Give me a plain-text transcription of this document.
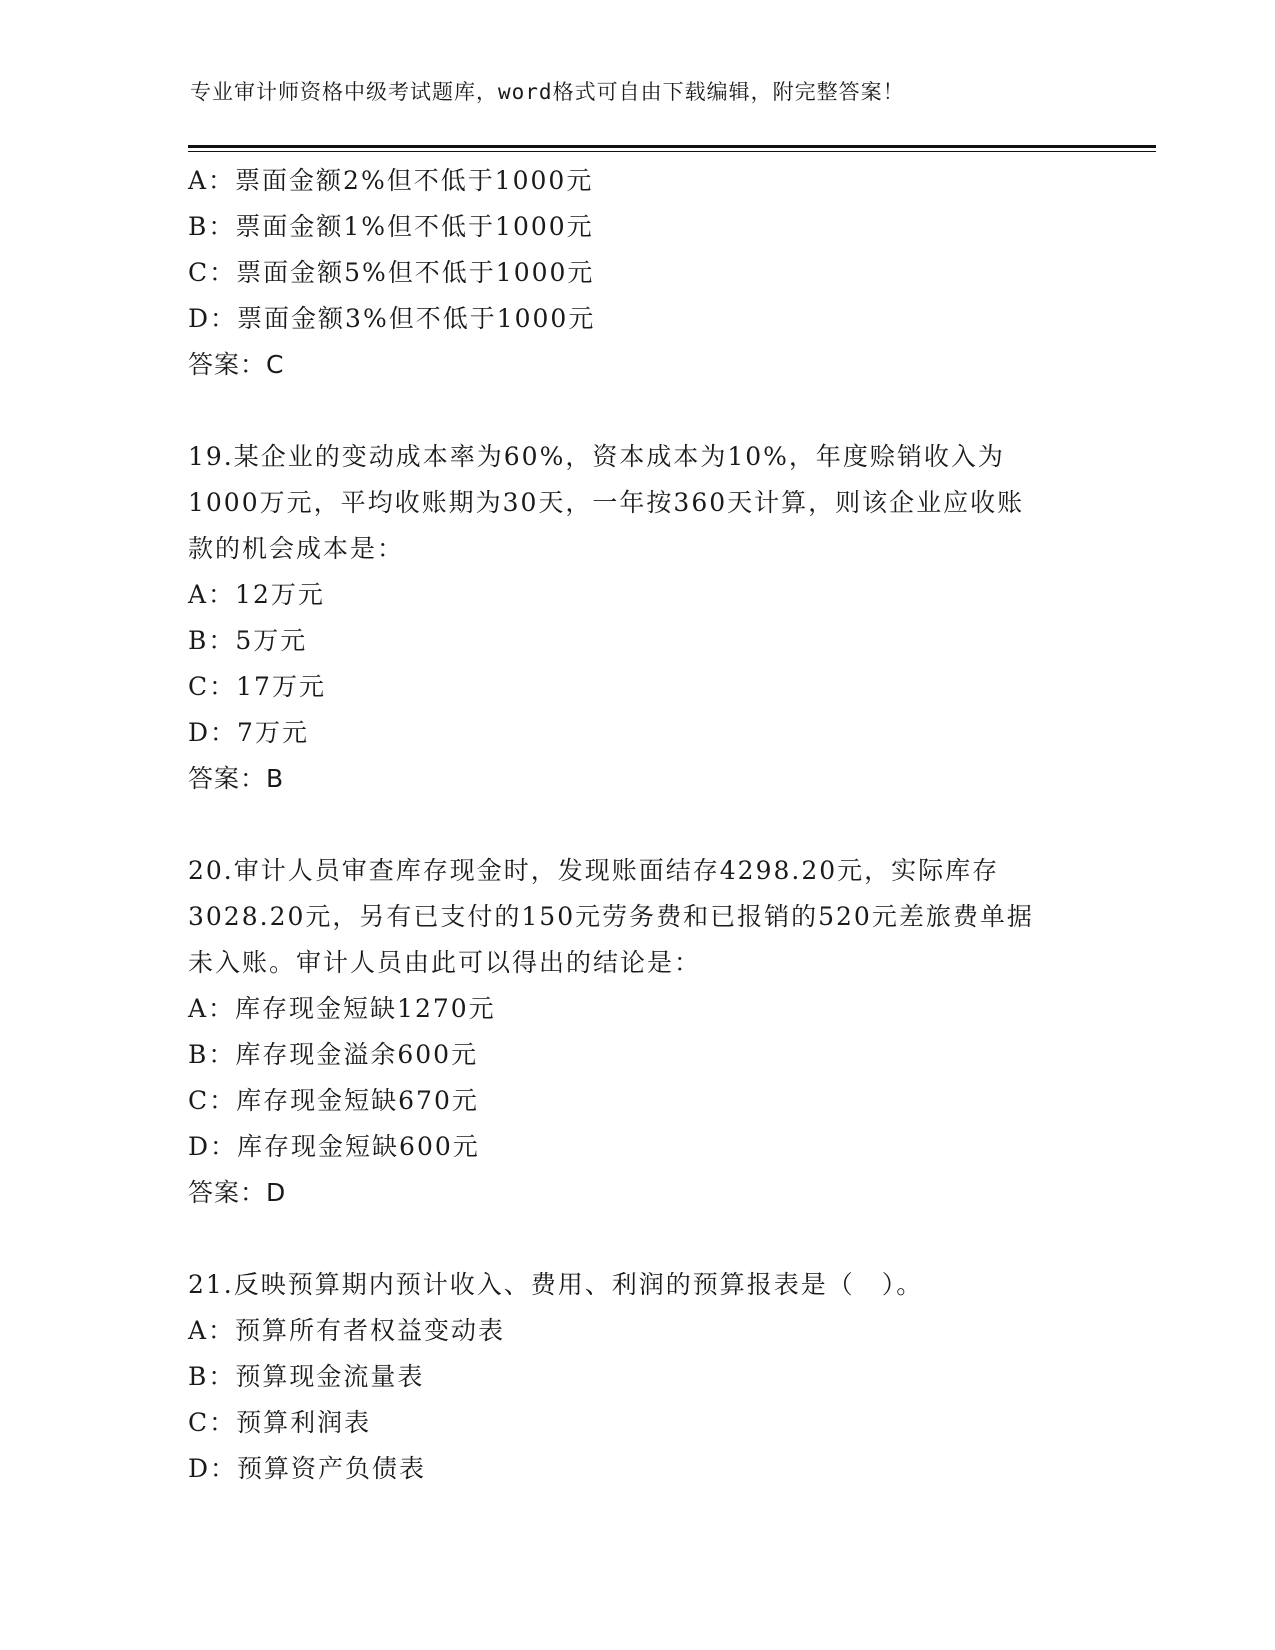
专业审计师资格中级考试题库，word格式可自由下载编辑，附完整答案！
A：票面金额2%但不低于1000元
B：票面金额1%但不低于1000元
C：票面金额5%但不低于1000元
D：票面金额3%但不低于1000元
答案：C
19.某企业的变动成本率为60%，资本成本为10%，年度赊销收入为
1000万元，平均收账期为30天，一年按360天计算，则该企业应收账
款的机会成本是：
A：12万元
B：5万元
C：17万元
D：7万元
答案：B
20.审计人员审查库存现金时，发现账面结存4298.20元，实际库存
3028.20元，另有已支付的150元劳务费和已报销的520元差旅费单据
未入账。审计人员由此可以得出的结论是：
A：库存现金短缺1270元
B：库存现金溢余600元
C：库存现金短缺670元
D：库存现金短缺600元
答案：D
21.反映预算期内预计收入、费用、利润的预算报表是（　）。
A：预算所有者权益变动表
B：预算现金流量表
C：预算利润表
D：预算资产负债表
